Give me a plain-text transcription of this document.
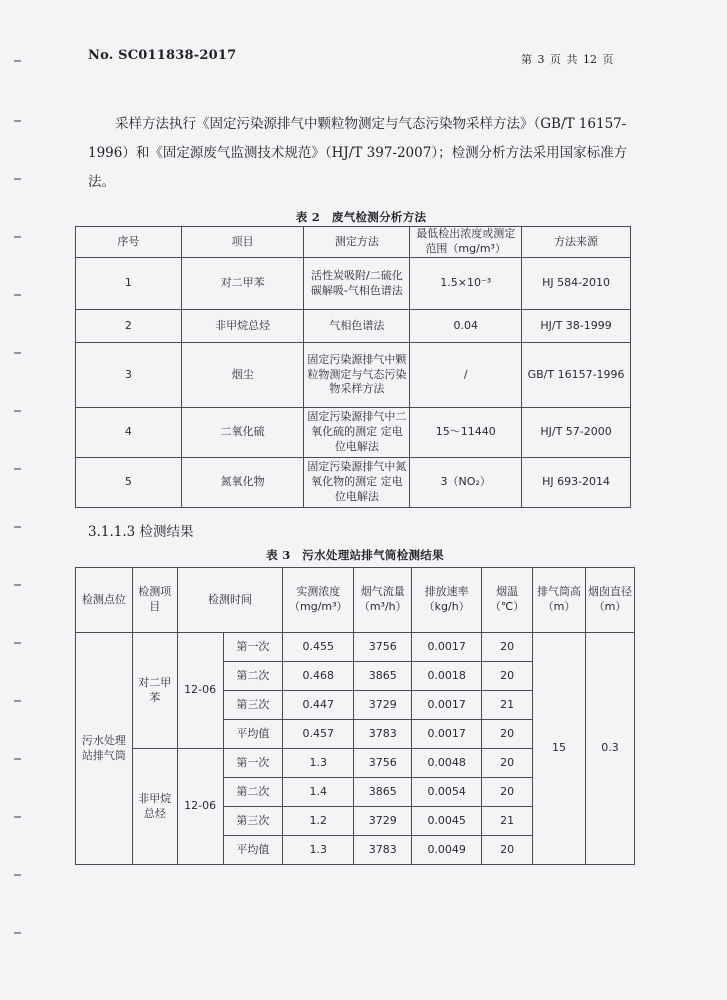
No. SC011838-2017	第 3 页 共 12 页
采样方法执行《固定污染源排气中颗粒物测定与气态污染物采样方法》（GB/T 16157-1996）和《固定源废气监测技术规范》（HJ/T 397-2007）；检测分析方法采用国家标准方法。
表 2　废气检测分析方法
序号	项目	测定方法	最低检出浓度或测定范围（mg/m³）	方法来源
1	对二甲苯	活性炭吸附/二硫化碳解吸-气相色谱法	1.5×10⁻³	HJ 584-2010
2	非甲烷总烃	气相色谱法	0.04	HJ/T 38-1999
3	烟尘	固定污染源排气中颗粒物测定与气态污染物采样方法	/	GB/T 16157-1996
4	二氧化硫	固定污染源排气中二氧化硫的测定 定电位电解法	15～11440	HJ/T 57-2000
5	氮氧化物	固定污染源排气中氮氧化物的测定 定电位电解法	3（NO₂）	HJ 693-2014
3.1.1.3 检测结果
表 3　污水处理站排气筒检测结果
检测点位	检测项目	检测时间		实测浓度（mg/m³）	烟气流量（m³/h）	排放速率（kg/h）	烟温（℃）	排气筒高（m）	烟囱直径（m）
污水处理站排气筒	对二甲苯	12-06	第一次	0.455	3756	0.0017	20	15	0.3
			第二次	0.468	3865	0.0018	20		
			第三次	0.447	3729	0.0017	21		
			平均值	0.457	3783	0.0017	20		
	非甲烷总烃	12-06	第一次	1.3	3756	0.0048	20		
			第二次	1.4	3865	0.0054	20		
			第三次	1.2	3729	0.0045	21		
			平均值	1.3	3783	0.0049	20		
